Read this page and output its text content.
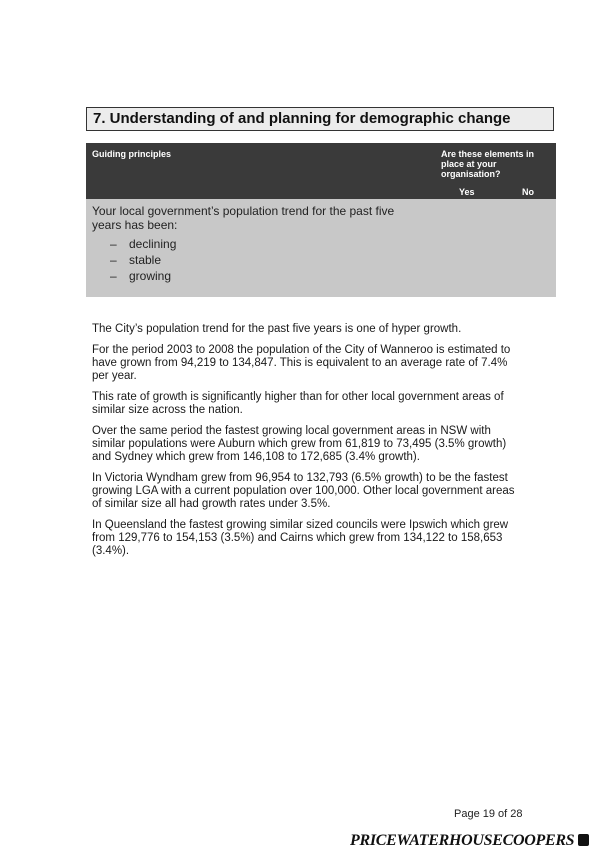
7. Understanding of and planning for demographic change
Guiding principles	Are these elements in place at your organisation?
Yes	No
Your local government’s population trend for the past five years has been:
– declining
– stable
– growing

The City’s population trend for the past five years is one of hyper growth.

For the period 2003 to 2008 the population of the City of Wanneroo is estimated to have grown from 94,219 to 134,847. This is equivalent to an average rate of 7.4% per year.

This rate of growth is significantly higher than for other local government areas of similar size across the nation.

Over the same period the fastest growing local government areas in NSW with similar populations were Auburn which grew from 61,819 to 73,495 (3.5% growth) and Sydney which grew from 146,108 to 172,685 (3.4% growth).

In Victoria Wyndham grew from 96,954 to 132,793 (6.5% growth) to be the fastest growing LGA with a current population over 100,000. Other local government areas of similar size all had growth rates under 3.5%.

In Queensland the fastest growing similar sized councils were Ipswich which grew from 129,776 to 154,153 (3.5%) and Cairns which grew from 134,122 to 158,653 (3.4%).

Page 19 of 28
PRICEWATERHOUSECOOPERS
